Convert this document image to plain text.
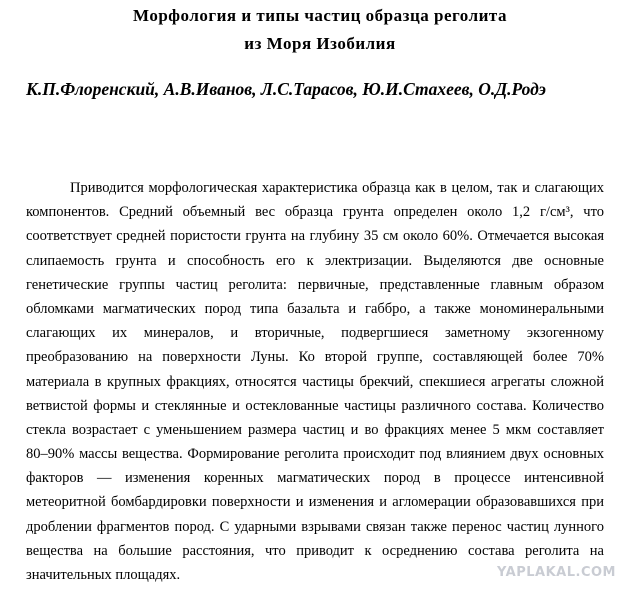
Морфология и типы частиц образца реголита
из Моря Изобилия
К.П.Флоренский, А.В.Иванов, Л.С.Тарасов, Ю.И.Стахеев, О.Д.Родэ
Приводится морфологическая характеристика образца как в целом, так и слагающих
компонентов. Средний объемный вес образца грунта определен около 1,2 г/см³, что
соответствует средней пористости грунта на глубину 35 см около 60%. Отмечается высокая
слипаемость грунта и способность его к электризации. Выделяются две основные
генетические группы частиц реголита: первичные, представленные главным образом
обломками магматических пород типа базальта и габбро, а также мономинеральными
слагающих их минералов, и вторичные, подвергшиеся заметному экзогенному
преобразованию на поверхности Луны. Ко второй группе, составляющей более 70%
материала в крупных фракциях, относятся частицы брекчий, спекшиеся агрегаты сложной
ветвистой формы и стеклянные и остеклованные частицы различного состава. Количество
стекла возрастает с уменьшением размера частиц и во фракциях менее 5 мкм составляет
80–90% массы вещества. Формирование реголита происходит под влиянием двух основных
факторов — изменения коренных магматических пород в процессе интенсивной
метеоритной бомбардировки поверхности и изменения и агломерации образовавшихся при
дроблении фрагментов пород. С ударными взрывами связан также перенос частиц лунного
вещества на большие расстояния, что приводит к осреднению состава реголита на
значительных площадях.	YAPLAKAL.COM
